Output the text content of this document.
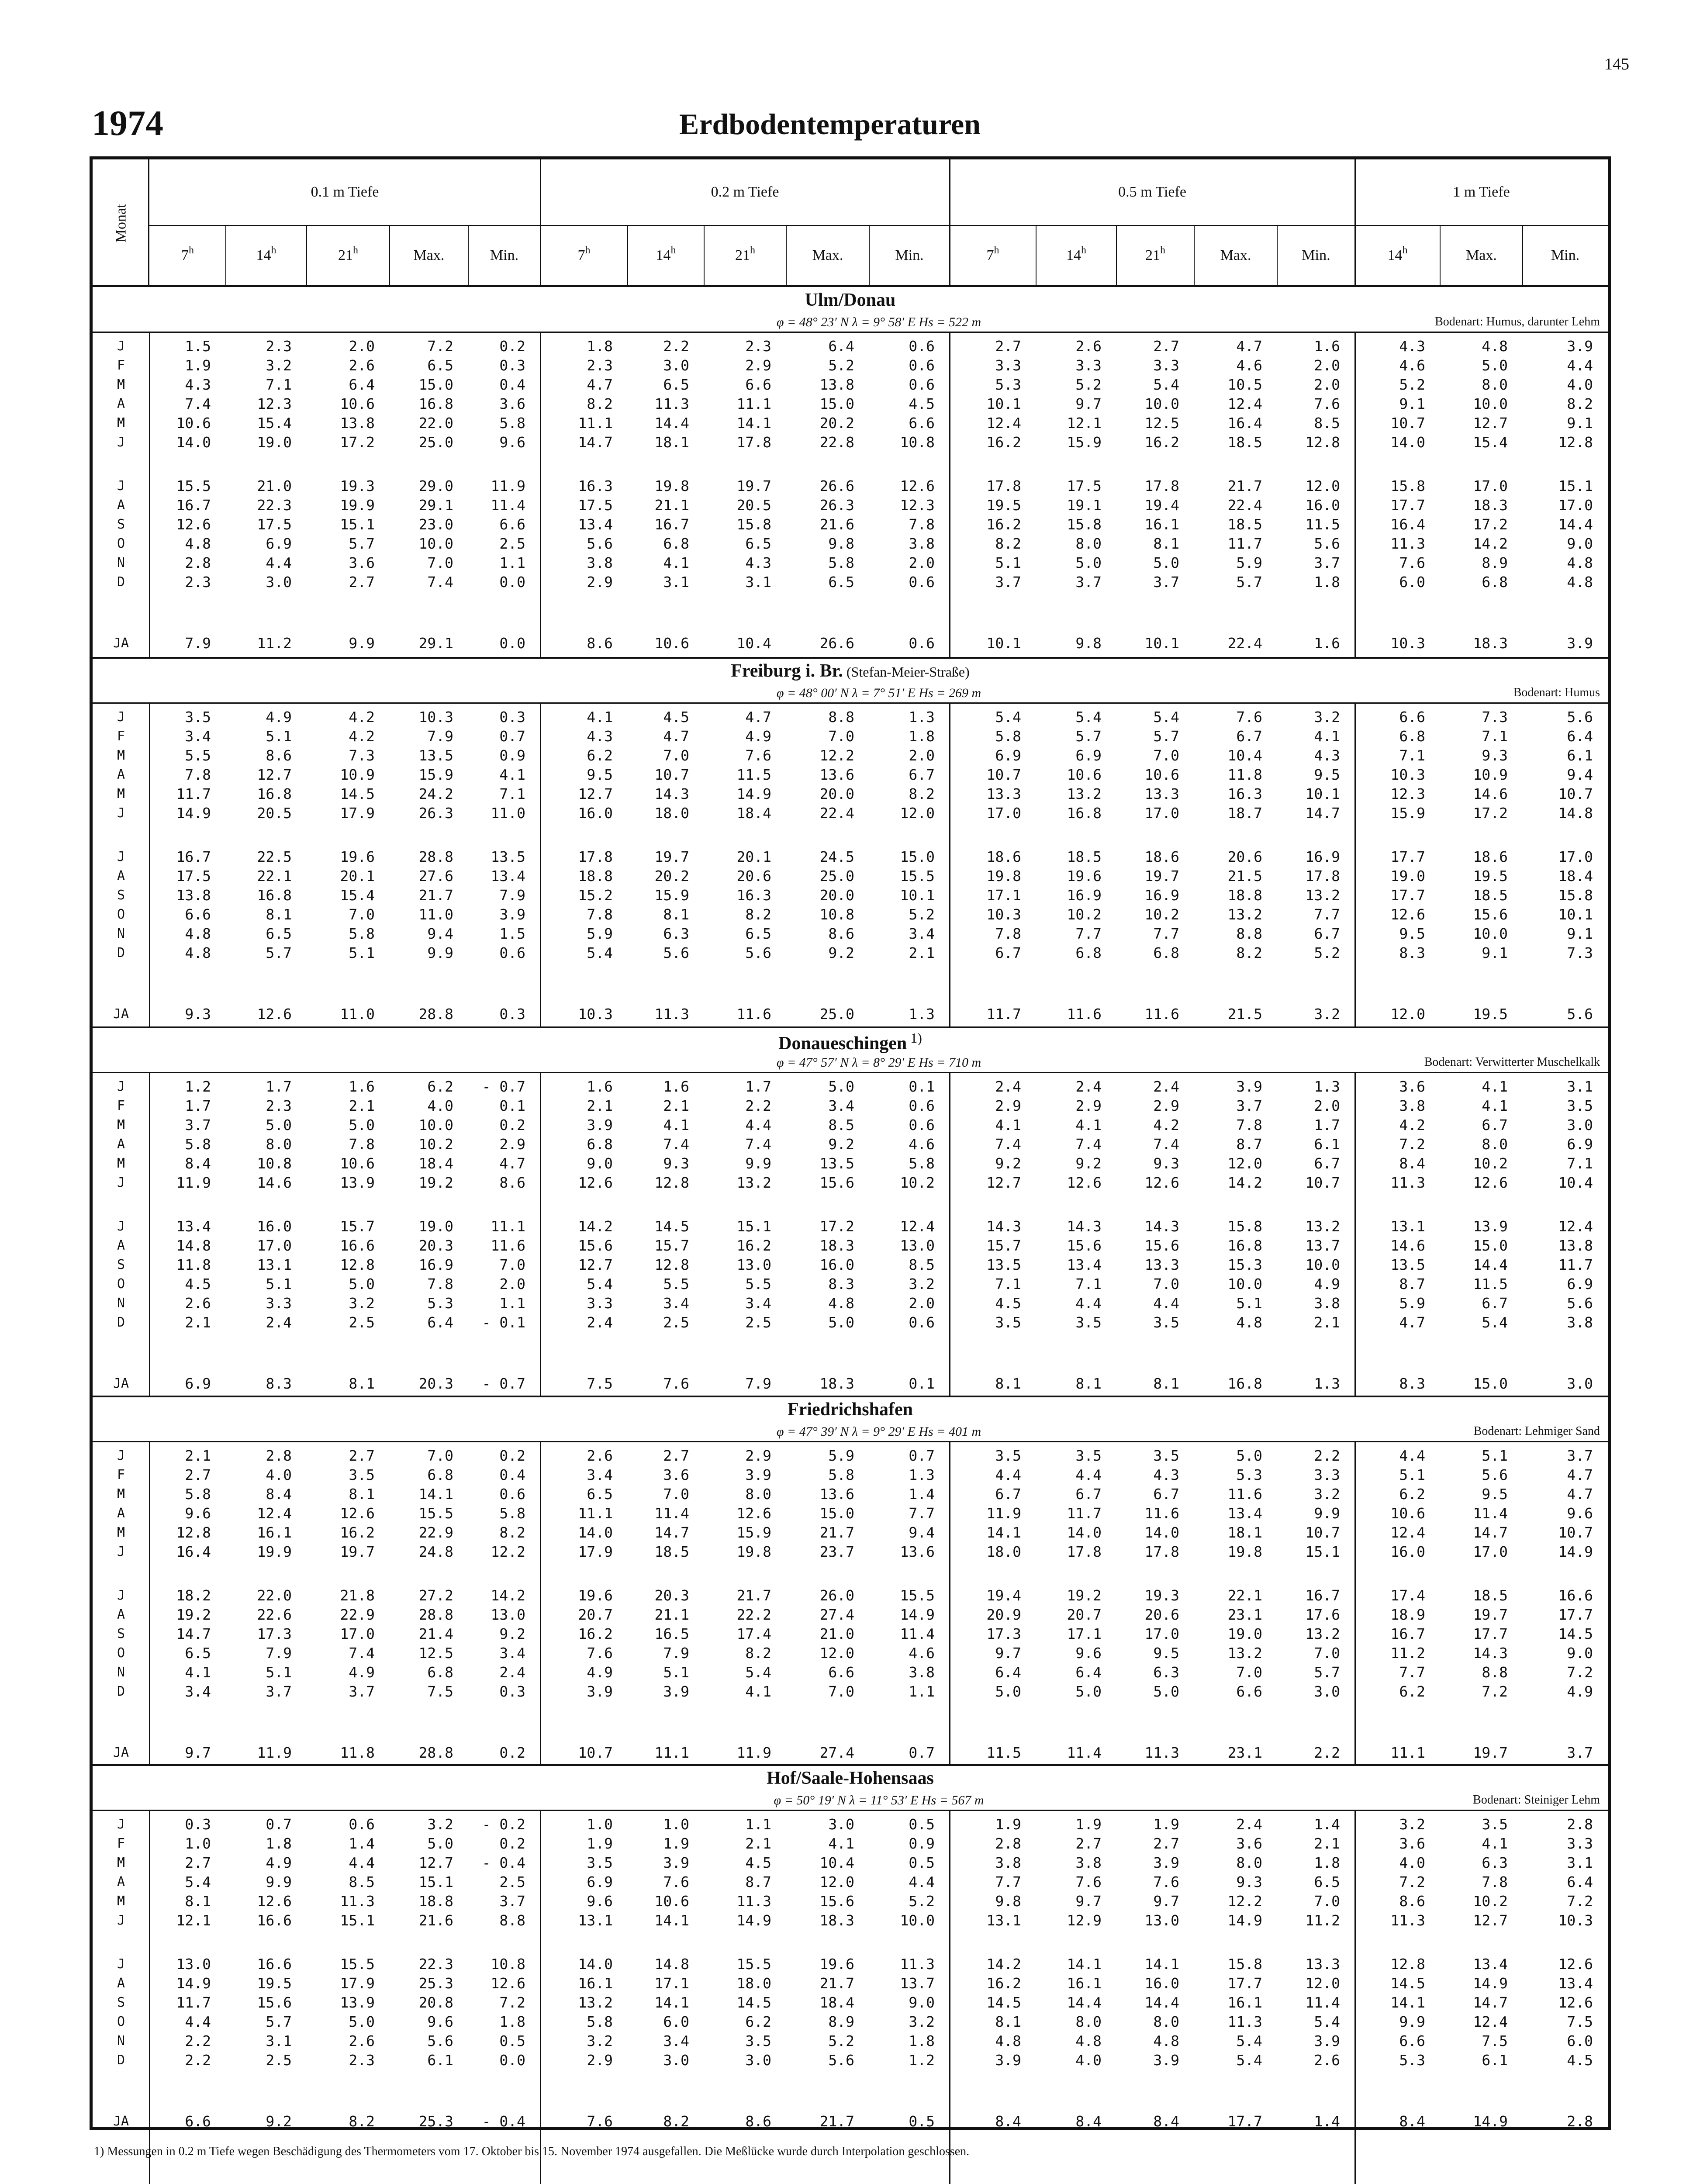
145
1974	Erdbodentemperaturen
Monat
0.1 m Tiefe	0.2 m Tiefe	0.5 m Tiefe	1 m Tiefe
7$^h$	14$^h$	21$^h$	Max.	Min.	7$^h$	14$^h$	21$^h$	Max.	Min.	7$^h$	14$^h$	21$^h$	Max.	Min.	14$^h$	Max.	Min.
Ulm/Donau
φ = 48° 23′ N λ = 9° 58′ E Hs = 522 m	Bodenart: Humus, darunter Lehm
J	1.5	2.3	2.0	7.2	0.2	1.8	2.2	2.3	6.4	0.6	2.7	2.6	2.7	4.7	1.6	4.3	4.8	3.9
F	1.9	3.2	2.6	6.5	0.3	2.3	3.0	2.9	5.2	0.6	3.3	3.3	3.3	4.6	2.0	4.6	5.0	4.4
M	4.3	7.1	6.4	15.0	0.4	4.7	6.5	6.6	13.8	0.6	5.3	5.2	5.4	10.5	2.0	5.2	8.0	4.0
A	7.4	12.3	10.6	16.8	3.6	8.2	11.3	11.1	15.0	4.5	10.1	9.7	10.0	12.4	7.6	9.1	10.0	8.2
M	10.6	15.4	13.8	22.0	5.8	11.1	14.4	14.1	20.2	6.6	12.4	12.1	12.5	16.4	8.5	10.7	12.7	9.1
J	14.0	19.0	17.2	25.0	9.6	14.7	18.1	17.8	22.8	10.8	16.2	15.9	16.2	18.5	12.8	14.0	15.4	12.8
J	15.5	21.0	19.3	29.0	11.9	16.3	19.8	19.7	26.6	12.6	17.8	17.5	17.8	21.7	12.0	15.8	17.0	15.1
A	16.7	22.3	19.9	29.1	11.4	17.5	21.1	20.5	26.3	12.3	19.5	19.1	19.4	22.4	16.0	17.7	18.3	17.0
S	12.6	17.5	15.1	23.0	6.6	13.4	16.7	15.8	21.6	7.8	16.2	15.8	16.1	18.5	11.5	16.4	17.2	14.4
O	4.8	6.9	5.7	10.0	2.5	5.6	6.8	6.5	9.8	3.8	8.2	8.0	8.1	11.7	5.6	11.3	14.2	9.0
N	2.8	4.4	3.6	7.0	1.1	3.8	4.1	4.3	5.8	2.0	5.1	5.0	5.0	5.9	3.7	7.6	8.9	4.8
D	2.3	3.0	2.7	7.4	0.0	2.9	3.1	3.1	6.5	0.6	3.7	3.7	3.7	5.7	1.8	6.0	6.8	4.8
JA	7.9	11.2	9.9	29.1	0.0	8.6	10.6	10.4	26.6	0.6	10.1	9.8	10.1	22.4	1.6	10.3	18.3	3.9
Freiburg i. Br. (Stefan-Meier-Straße)
φ = 48° 00′ N λ = 7° 51′ E Hs = 269 m	Bodenart: Humus
J	3.5	4.9	4.2	10.3	0.3	4.1	4.5	4.7	8.8	1.3	5.4	5.4	5.4	7.6	3.2	6.6	7.3	5.6
F	3.4	5.1	4.2	7.9	0.7	4.3	4.7	4.9	7.0	1.8	5.8	5.7	5.7	6.7	4.1	6.8	7.1	6.4
M	5.5	8.6	7.3	13.5	0.9	6.2	7.0	7.6	12.2	2.0	6.9	6.9	7.0	10.4	4.3	7.1	9.3	6.1
A	7.8	12.7	10.9	15.9	4.1	9.5	10.7	11.5	13.6	6.7	10.7	10.6	10.6	11.8	9.5	10.3	10.9	9.4
M	11.7	16.8	14.5	24.2	7.1	12.7	14.3	14.9	20.0	8.2	13.3	13.2	13.3	16.3	10.1	12.3	14.6	10.7
J	14.9	20.5	17.9	26.3	11.0	16.0	18.0	18.4	22.4	12.0	17.0	16.8	17.0	18.7	14.7	15.9	17.2	14.8
J	16.7	22.5	19.6	28.8	13.5	17.8	19.7	20.1	24.5	15.0	18.6	18.5	18.6	20.6	16.9	17.7	18.6	17.0
A	17.5	22.1	20.1	27.6	13.4	18.8	20.2	20.6	25.0	15.5	19.8	19.6	19.7	21.5	17.8	19.0	19.5	18.4
S	13.8	16.8	15.4	21.7	7.9	15.2	15.9	16.3	20.0	10.1	17.1	16.9	16.9	18.8	13.2	17.7	18.5	15.8
O	6.6	8.1	7.0	11.0	3.9	7.8	8.1	8.2	10.8	5.2	10.3	10.2	10.2	13.2	7.7	12.6	15.6	10.1
N	4.8	6.5	5.8	9.4	1.5	5.9	6.3	6.5	8.6	3.4	7.8	7.7	7.7	8.8	6.7	9.5	10.0	9.1
D	4.8	5.7	5.1	9.9	0.6	5.4	5.6	5.6	9.2	2.1	6.7	6.8	6.8	8.2	5.2	8.3	9.1	7.3
JA	9.3	12.6	11.0	28.8	0.3	10.3	11.3	11.6	25.0	1.3	11.7	11.6	11.6	21.5	3.2	12.0	19.5	5.6
Donaueschingen $^{1)}$
φ = 47° 57′ N λ = 8° 29′ E Hs = 710 m	Bodenart: Verwitterter Muschelkalk
J	1.2	1.7	1.6	6.2	- 0.7	1.6	1.6	1.7	5.0	0.1	2.4	2.4	2.4	3.9	1.3	3.6	4.1	3.1
F	1.7	2.3	2.1	4.0	0.1	2.1	2.1	2.2	3.4	0.6	2.9	2.9	2.9	3.7	2.0	3.8	4.1	3.5
M	3.7	5.0	5.0	10.0	0.2	3.9	4.1	4.4	8.5	0.6	4.1	4.1	4.2	7.8	1.7	4.2	6.7	3.0
A	5.8	8.0	7.8	10.2	2.9	6.8	7.4	7.4	9.2	4.6	7.4	7.4	7.4	8.7	6.1	7.2	8.0	6.9
M	8.4	10.8	10.6	18.4	4.7	9.0	9.3	9.9	13.5	5.8	9.2	9.2	9.3	12.0	6.7	8.4	10.2	7.1
J	11.9	14.6	13.9	19.2	8.6	12.6	12.8	13.2	15.6	10.2	12.7	12.6	12.6	14.2	10.7	11.3	12.6	10.4
J	13.4	16.0	15.7	19.0	11.1	14.2	14.5	15.1	17.2	12.4	14.3	14.3	14.3	15.8	13.2	13.1	13.9	12.4
A	14.8	17.0	16.6	20.3	11.6	15.6	15.7	16.2	18.3	13.0	15.7	15.6	15.6	16.8	13.7	14.6	15.0	13.8
S	11.8	13.1	12.8	16.9	7.0	12.7	12.8	13.0	16.0	8.5	13.5	13.4	13.3	15.3	10.0	13.5	14.4	11.7
O	4.5	5.1	5.0	7.8	2.0	5.4	5.5	5.5	8.3	3.2	7.1	7.1	7.0	10.0	4.9	8.7	11.5	6.9
N	2.6	3.3	3.2	5.3	1.1	3.3	3.4	3.4	4.8	2.0	4.5	4.4	4.4	5.1	3.8	5.9	6.7	5.6
D	2.1	2.4	2.5	6.4	- 0.1	2.4	2.5	2.5	5.0	0.6	3.5	3.5	3.5	4.8	2.1	4.7	5.4	3.8
JA	6.9	8.3	8.1	20.3	- 0.7	7.5	7.6	7.9	18.3	0.1	8.1	8.1	8.1	16.8	1.3	8.3	15.0	3.0
Friedrichshafen
φ = 47° 39′ N λ = 9° 29′ E Hs = 401 m	Bodenart: Lehmiger Sand
J	2.1	2.8	2.7	7.0	0.2	2.6	2.7	2.9	5.9	0.7	3.5	3.5	3.5	5.0	2.2	4.4	5.1	3.7
F	2.7	4.0	3.5	6.8	0.4	3.4	3.6	3.9	5.8	1.3	4.4	4.4	4.3	5.3	3.3	5.1	5.6	4.7
M	5.8	8.4	8.1	14.1	0.6	6.5	7.0	8.0	13.6	1.4	6.7	6.7	6.7	11.6	3.2	6.2	9.5	4.7
A	9.6	12.4	12.6	15.5	5.8	11.1	11.4	12.6	15.0	7.7	11.9	11.7	11.6	13.4	9.9	10.6	11.4	9.6
M	12.8	16.1	16.2	22.9	8.2	14.0	14.7	15.9	21.7	9.4	14.1	14.0	14.0	18.1	10.7	12.4	14.7	10.7
J	16.4	19.9	19.7	24.8	12.2	17.9	18.5	19.8	23.7	13.6	18.0	17.8	17.8	19.8	15.1	16.0	17.0	14.9
J	18.2	22.0	21.8	27.2	14.2	19.6	20.3	21.7	26.0	15.5	19.4	19.2	19.3	22.1	16.7	17.4	18.5	16.6
A	19.2	22.6	22.9	28.8	13.0	20.7	21.1	22.2	27.4	14.9	20.9	20.7	20.6	23.1	17.6	18.9	19.7	17.7
S	14.7	17.3	17.0	21.4	9.2	16.2	16.5	17.4	21.0	11.4	17.3	17.1	17.0	19.0	13.2	16.7	17.7	14.5
O	6.5	7.9	7.4	12.5	3.4	7.6	7.9	8.2	12.0	4.6	9.7	9.6	9.5	13.2	7.0	11.2	14.3	9.0
N	4.1	5.1	4.9	6.8	2.4	4.9	5.1	5.4	6.6	3.8	6.4	6.4	6.3	7.0	5.7	7.7	8.8	7.2
D	3.4	3.7	3.7	7.5	0.3	3.9	3.9	4.1	7.0	1.1	5.0	5.0	5.0	6.6	3.0	6.2	7.2	4.9
JA	9.7	11.9	11.8	28.8	0.2	10.7	11.1	11.9	27.4	0.7	11.5	11.4	11.3	23.1	2.2	11.1	19.7	3.7
Hof/Saale-Hohensaas
φ = 50° 19′ N λ = 11° 53′ E Hs = 567 m	Bodenart: Steiniger Lehm
J	0.3	0.7	0.6	3.2	- 0.2	1.0	1.0	1.1	3.0	0.5	1.9	1.9	1.9	2.4	1.4	3.2	3.5	2.8
F	1.0	1.8	1.4	5.0	0.2	1.9	1.9	2.1	4.1	0.9	2.8	2.7	2.7	3.6	2.1	3.6	4.1	3.3
M	2.7	4.9	4.4	12.7	- 0.4	3.5	3.9	4.5	10.4	0.5	3.8	3.8	3.9	8.0	1.8	4.0	6.3	3.1
A	5.4	9.9	8.5	15.1	2.5	6.9	7.6	8.7	12.0	4.4	7.7	7.6	7.6	9.3	6.5	7.2	7.8	6.4
M	8.1	12.6	11.3	18.8	3.7	9.6	10.6	11.3	15.6	5.2	9.8	9.7	9.7	12.2	7.0	8.6	10.2	7.2
J	12.1	16.6	15.1	21.6	8.8	13.1	14.1	14.9	18.3	10.0	13.1	12.9	13.0	14.9	11.2	11.3	12.7	10.3
J	13.0	16.6	15.5	22.3	10.8	14.0	14.8	15.5	19.6	11.3	14.2	14.1	14.1	15.8	13.3	12.8	13.4	12.6
A	14.9	19.5	17.9	25.3	12.6	16.1	17.1	18.0	21.7	13.7	16.2	16.1	16.0	17.7	12.0	14.5	14.9	13.4
S	11.7	15.6	13.9	20.8	7.2	13.2	14.1	14.5	18.4	9.0	14.5	14.4	14.4	16.1	11.4	14.1	14.7	12.6
O	4.4	5.7	5.0	9.6	1.8	5.8	6.0	6.2	8.9	3.2	8.1	8.0	8.0	11.3	5.4	9.9	12.4	7.5
N	2.2	3.1	2.6	5.6	0.5	3.2	3.4	3.5	5.2	1.8	4.8	4.8	4.8	5.4	3.9	6.6	7.5	6.0
D	2.2	2.5	2.3	6.1	0.0	2.9	3.0	3.0	5.6	1.2	3.9	4.0	3.9	5.4	2.6	5.3	6.1	4.5
JA	6.6	9.2	8.2	25.3	- 0.4	7.6	8.2	8.6	21.7	0.5	8.4	8.4	8.4	17.7	1.4	8.4	14.9	2.8
1) Messungen in 0.2 m Tiefe wegen Beschädigung des Thermometers vom 17. Oktober bis 15. November 1974 ausgefallen. Die Meßlücke wurde durch Interpolation geschlossen.
